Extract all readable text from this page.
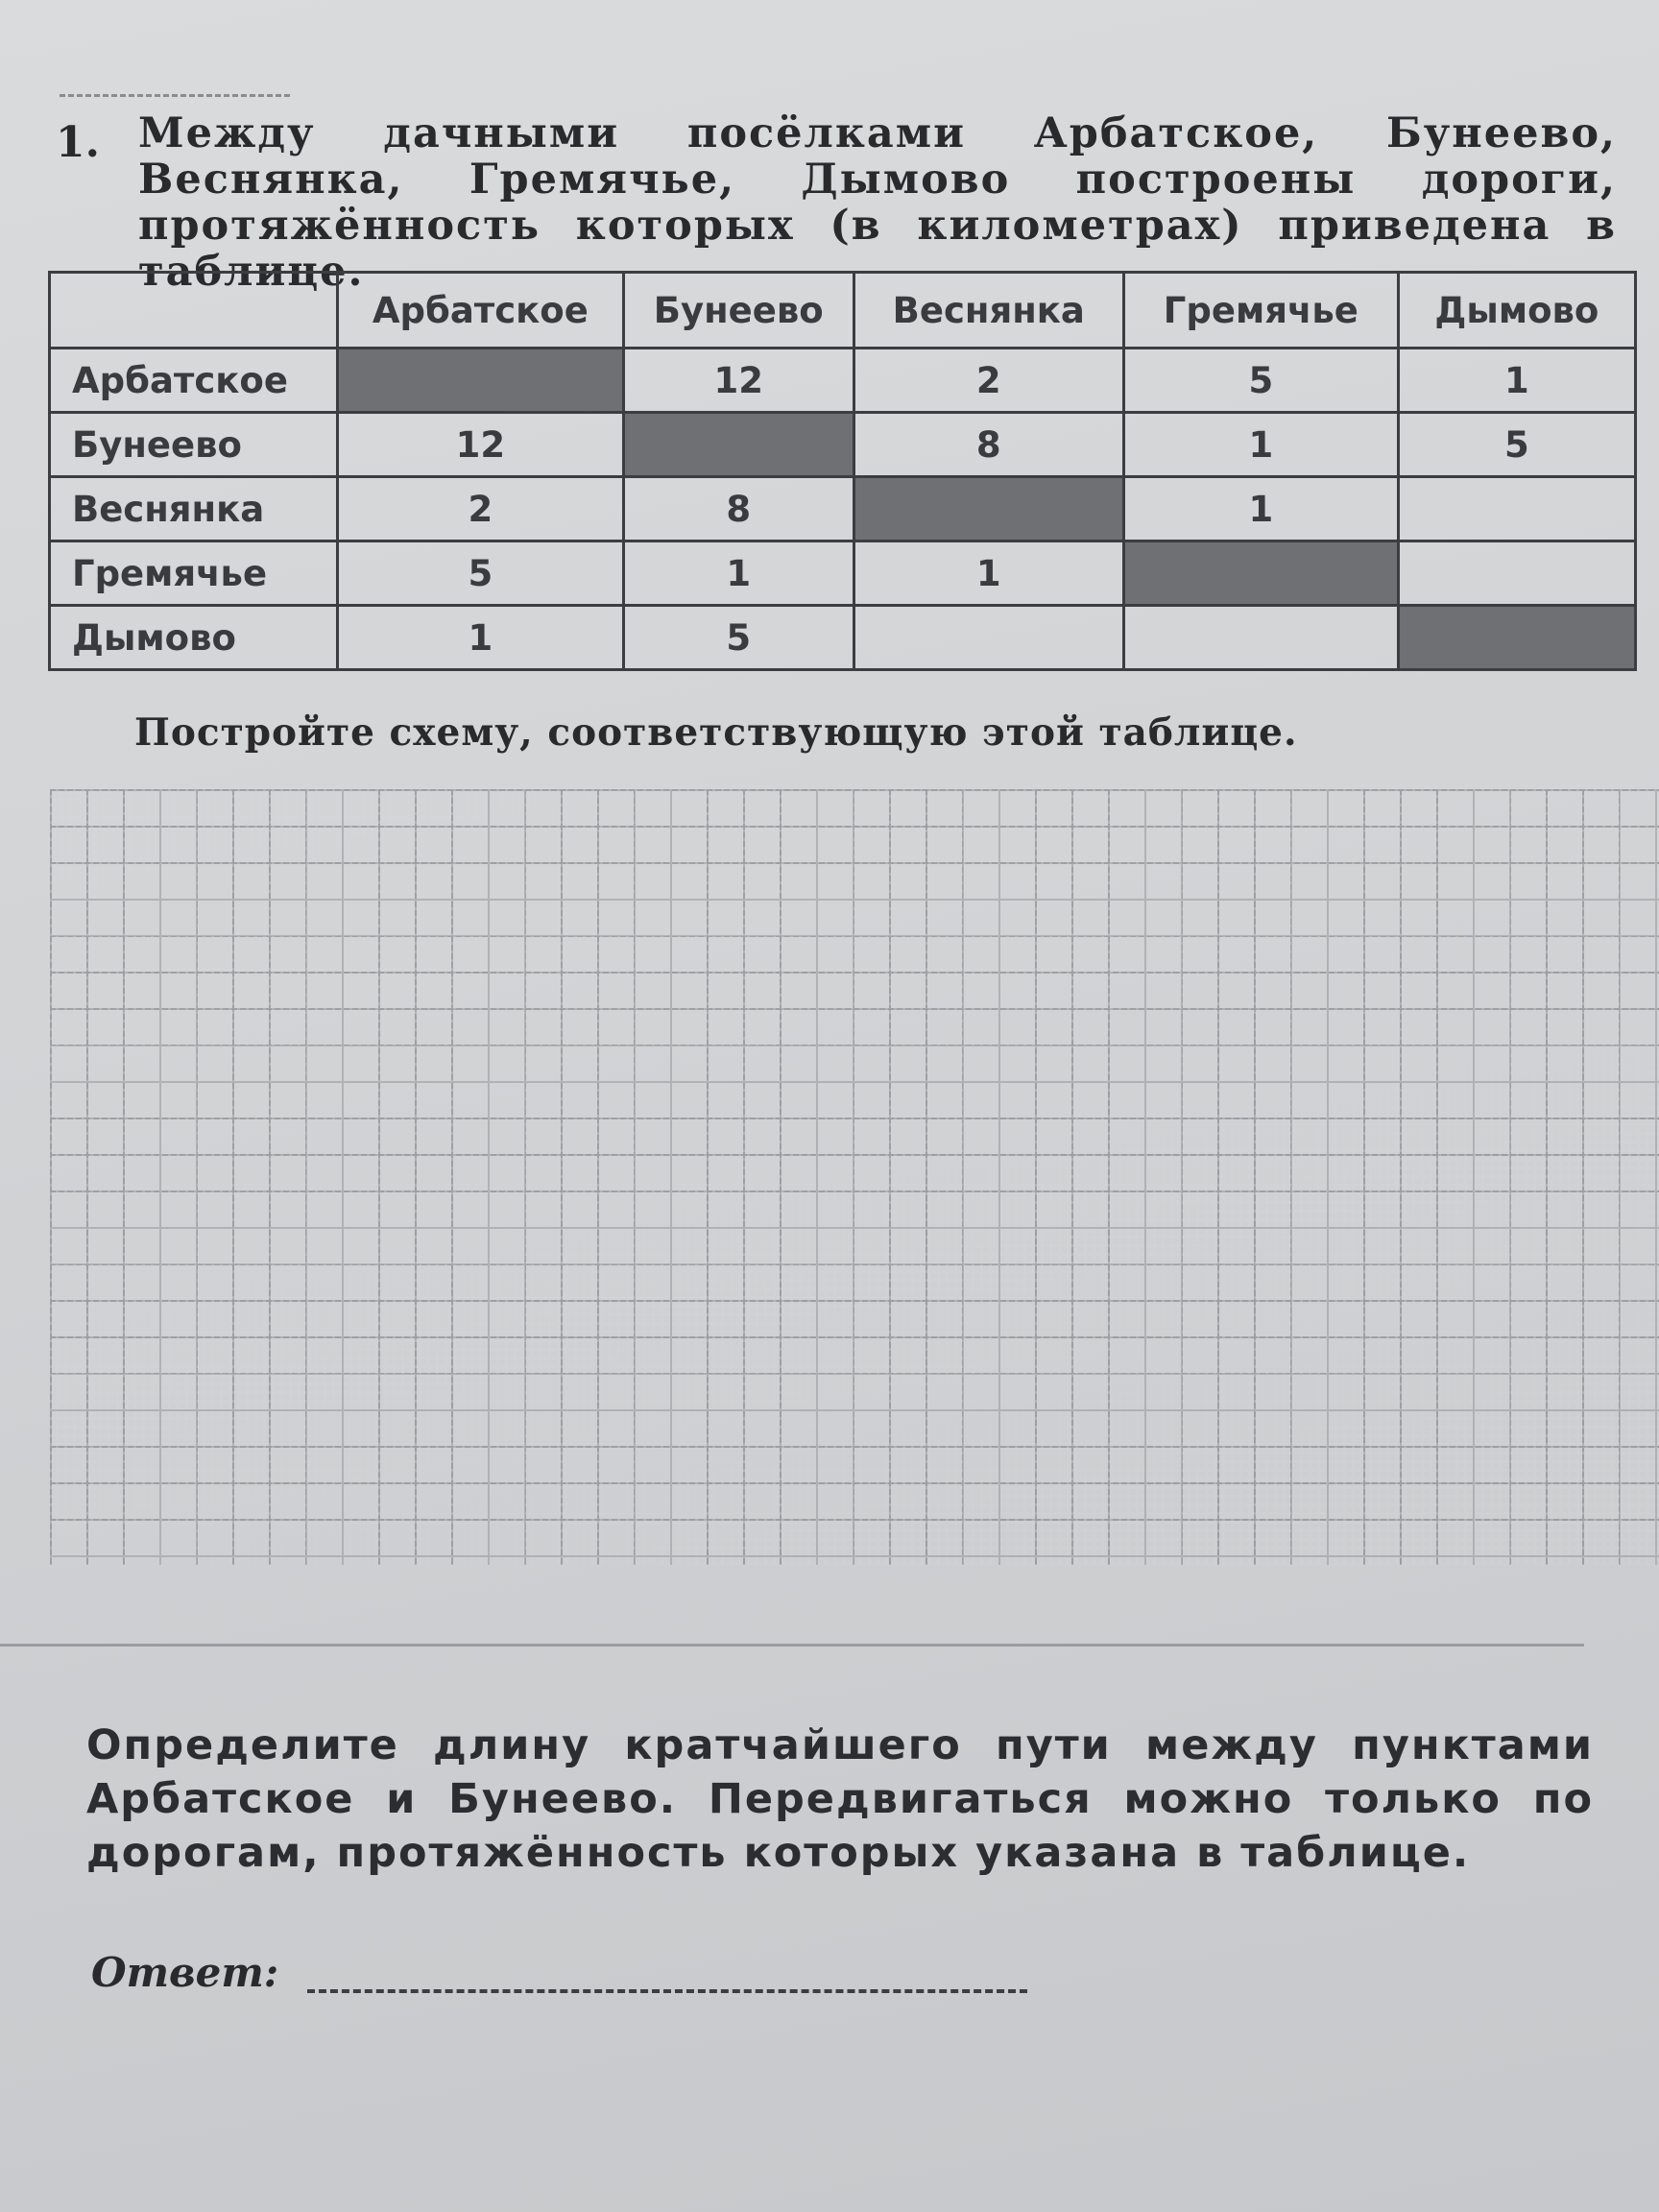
1. Между дачными посёлками Арбатское, Бунеево, Веснянка, Гремячье, Дымово построены дороги, протяжённость которых (в километрах) приведена в таблице.
	Арбатское	Бунеево	Веснянка	Гремячье	Дымово
Арбатское		12	2	5	1
Бунеево	12		8	1	5
Веснянка	2	8		1	
Гремячье	5	1	1		
Дымово	1	5			
Постройте схему, соответствующую этой таблице.
Определите длину кратчайшего пути между пунктами Арбатское и Бунеево. Передвигаться можно только по дорогам, протяжённость которых указана в таблице.
Ответ:
